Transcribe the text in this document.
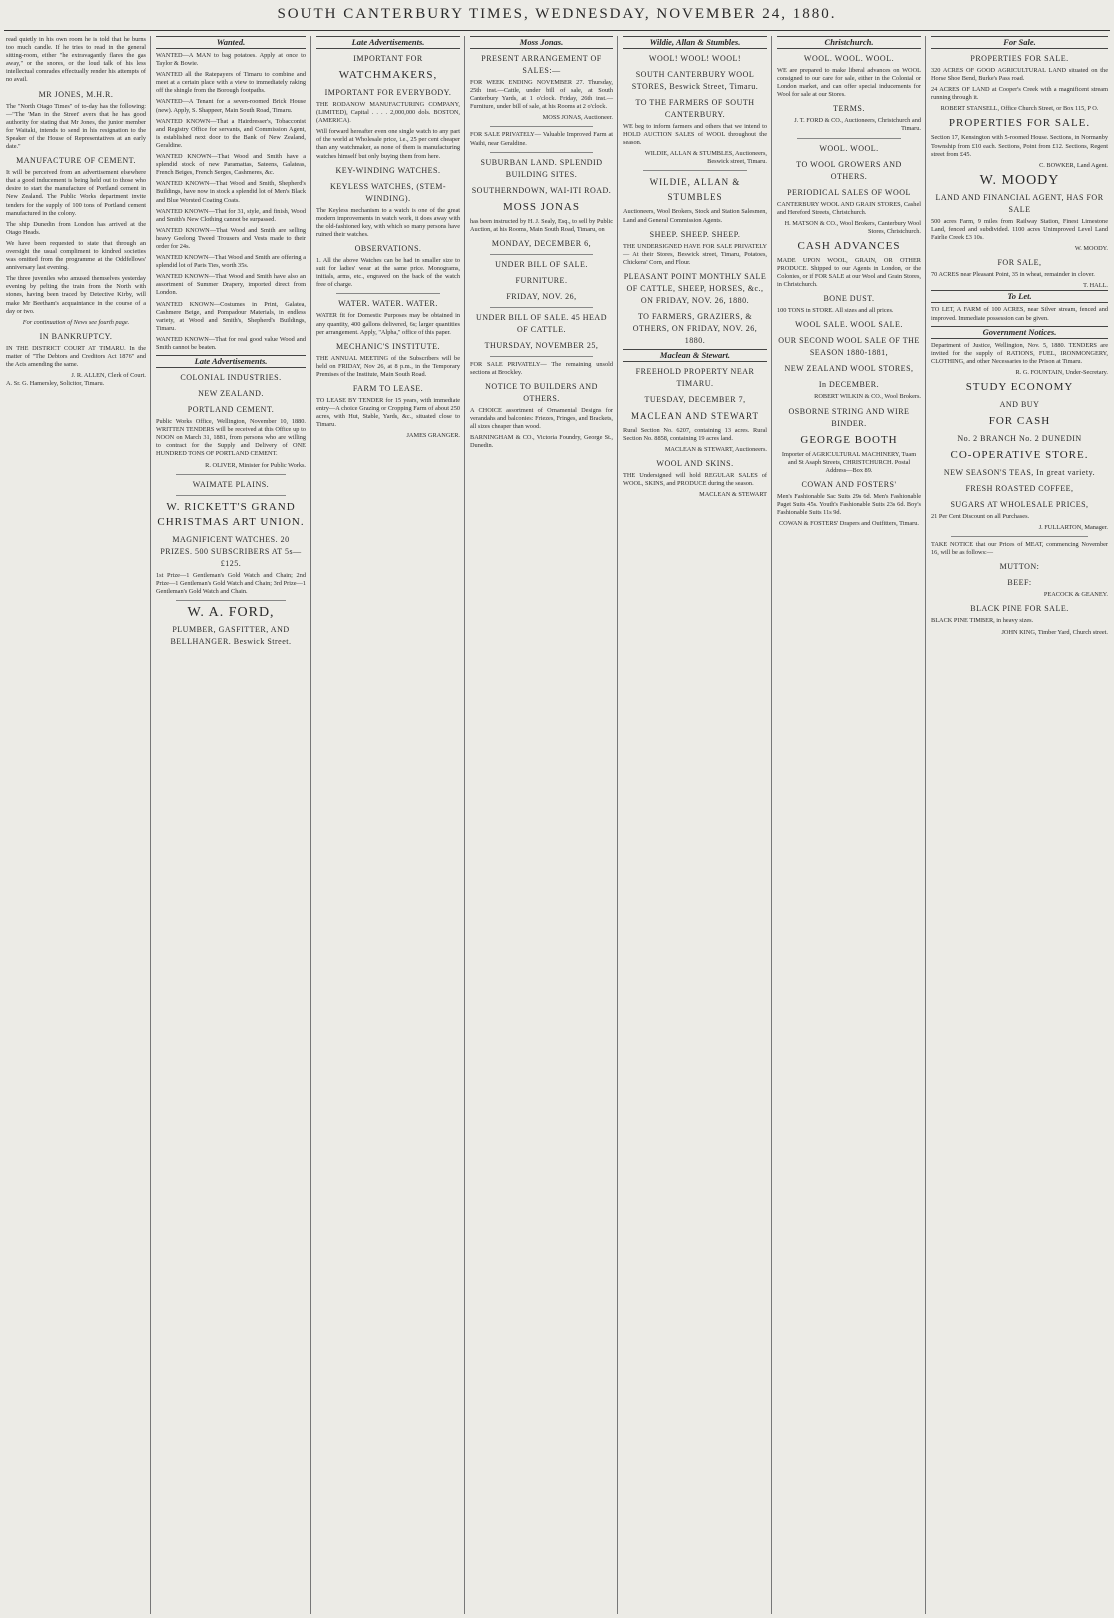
SOUTH CANTERBURY TIMES, WEDNESDAY, NOVEMBER 24, 1880.
read quietly in his own room he is told that he burns too much candle. If he tries to read in the general sitting-room, either "he extravagantly flares the gas away," or the snores, or the loud talk of his less intellectual comrades effectually render his attempts of no avail.
MR JONES, M.H.R.
The "North Otago Times" of to-day has the following:—"The 'Man in the Street' avers that he has good authority for stating that Mr Jones, the junior member for Waitaki, intends to send in his resignation to the Speaker of the House of Representatives at an early date."
MANUFACTURE OF CEMENT.
It will be perceived from an advertisement elsewhere that a good inducement is being held out to those who desire to start the manufacture of Portland cement in New Zealand. The Public Works department invite tenders for the supply of 100 tons of Portland cement manufactured in the colony.
The ship Dunedin from London has arrived at the Otago Heads.
We have been requested to state that through an oversight the usual compliment to kindred societies was omitted from the programme at the Oddfellows' anniversary last evening.
The three juveniles who amused themselves yesterday evening by pelting the train from the North with stones, having been traced by Detective Kirby, will make Mr Beetham's acquaintance in the course of a day or two.
For continuation of News see fourth page.
IN BANKRUPTCY.
IN THE DISTRICT COURT AT TIMARU. In the matter of "The Debtors and Creditors Act 1876" and the Acts amending the same.
J. R. ALLEN, Clerk of Court.
A. Sr. G. Hamersley, Solicitor, Timaru.
Wanted.
WANTED—A MAN to bag potatoes. Apply at once to Taylor & Bowie.
WANTED all the Ratepayers of Timaru to combine and meet at a certain place with a view to immediately raking off the shingle from the Borough footpaths.
WANTED—A Tenant for a seven-roomed Brick House (new). Apply, S. Shappeer, Main South Road, Timaru.
WANTED KNOWN—That a Hairdresser's, Tobacconist and Registry Office for servants, and Commission Agent, is established next door to the Bank of New Zealand, Geraldine.
WANTED KNOWN—That Wood and Smith have a splendid stock of new Paramattas, Sateens, Galateas, French Beiges, French Serges, Cashmeres, &c.
WANTED KNOWN—That Wood and Smith, Shepherd's Buildings, have now in stock a splendid lot of Men's Black and Blue Worsted Coating Coats.
WANTED KNOWN—That for 31, style, and finish, Wood and Smith's New Clothing cannot be surpassed.
WANTED KNOWN—That Wood and Smith are selling heavy Geelong Tweed Trousers and Vests made to their order for 24s.
WANTED KNOWN—That Wood and Smith are offering a splendid lot of Paris Ties, worth 35s.
WANTED KNOWN—That Wood and Smith have also an assortment of Summer Drapery, imported direct from London.
WANTED KNOWN—Costumes in Print, Galatea, Cashmere Beige, and Pompadour Materials, in endless variety, at Wood and Smith's, Shepherd's Buildings, Timaru.
WANTED KNOWN—That for real good value Wood and Smith cannot be beaten.
Late Advertisements.
COLONIAL INDUSTRIES.
NEW ZEALAND.
PORTLAND CEMENT.
Public Works Office, Wellington, November 10, 1880. WRITTEN TENDERS will be received at this Office up to NOON on March 31, 1881, from persons who are willing to contract for the Supply and Delivery of ONE HUNDRED TONS OF PORTLAND CEMENT.
R. OLIVER, Minister for Public Works.
WAIMATE PLAINS.
W. RICKETT'S GRAND CHRISTMAS ART UNION.
MAGNIFICENT WATCHES. 20 PRIZES. 500 SUBSCRIBERS AT 5s—£125.
1st Prize—1 Gentleman's Gold Watch and Chain; 2nd Prize—1 Gentleman's Gold Watch and Chain; 3rd Prize—1 Gentleman's Gold Watch and Chain.
W. A. FORD,
PLUMBER, GASFITTER, AND BELLHANGER. Beswick Street.
Late Advertisements.
IMPORTANT FOR
WATCHMAKERS,
IMPORTANT FOR EVERYBODY.
THE RODANOW MANUFACTURING COMPANY, (LIMITED), Capital . . . . 2,000,000 dols. BOSTON, (AMERICA).
Will forward hereafter even one single watch to any part of the world at Wholesale price, i.e., 25 per cent cheaper than any watchmaker, as none of them is manufacturing watches himself but only buying them from here.
KEY-WINDING WATCHES.
KEYLESS WATCHES, (STEM-WINDING).
The Keyless mechanism to a watch is one of the great modern improvements in watch work, it does away with the old-fashioned key, with which so many persons have ruined their watches.
OBSERVATIONS.
1. All the above Watches can be had in smaller size to suit for ladies' wear at the same price. Monograms, initials, arms, etc., engraved on the back of the watch free of charge.
WATER. WATER. WATER.
WATER fit for Domestic Purposes may be obtained in any quantity, 400 gallons delivered, 6s; larger quantities per arrangement. Apply, "Alpha," office of this paper.
MECHANIC'S INSTITUTE.
THE ANNUAL MEETING of the Subscribers will be held on FRIDAY, Nov 26, at 8 p.m., in the Temporary Premises of the Institute, Main South Road.
FARM TO LEASE.
TO LEASE BY TENDER for 15 years, with immediate entry—A choice Grazing or Cropping Farm of about 250 acres, with Hut, Stable, Yards, &c., situated close to Timaru.
JAMES GRANGER.
Moss Jonas.
PRESENT ARRANGEMENT OF SALES:—
FOR WEEK ENDING NOVEMBER 27. Thursday, 25th inst.—Cattle, under bill of sale, at South Canterbury Yards, at 1 o'clock. Friday, 26th inst.—Furniture, under bill of sale, at his Rooms at 2 o'clock.
MOSS JONAS, Auctioneer.
FOR SALE PRIVATELY— Valuable Improved Farm at Waihi, near Geraldine.
SUBURBAN LAND. SPLENDID BUILDING SITES.
SOUTHERNDOWN, WAI-ITI ROAD.
MOSS JONAS
has been instructed by H. J. Sealy, Esq., to sell by Public Auction, at his Rooms, Main South Road, Timaru, on
MONDAY, DECEMBER 6,
UNDER BILL OF SALE.
FURNITURE.
FRIDAY, NOV. 26,
UNDER BILL OF SALE. 45 HEAD OF CATTLE.
THURSDAY, NOVEMBER 25,
FOR SALE PRIVATELY— The remaining unsold sections at Brockley.
NOTICE TO BUILDERS AND OTHERS.
A CHOICE assortment of Ornamental Designs for verandahs and balconies: Friezes, Fringes, and Brackets, all sizes cheaper than wood.
BARNINGHAM & CO., Victoria Foundry, George St., Dunedin.
Wildie, Allan & Stumbles.
WOOL! WOOL! WOOL!
SOUTH CANTERBURY WOOL STORES, Beswick Street, Timaru.
TO THE FARMERS OF SOUTH CANTERBURY.
WE beg to inform farmers and others that we intend to HOLD AUCTION SALES of WOOL throughout the season.
WILDIE, ALLAN & STUMBLES, Auctioneers, Beswick street, Timaru.
WILDIE, ALLAN & STUMBLES
Auctioneers, Wool Brokers, Stock and Station Salesmen, Land and General Commission Agents.
SHEEP. SHEEP. SHEEP.
THE UNDERSIGNED HAVE FOR SALE PRIVATELY— At their Stores, Beswick street, Timaru, Potatoes, Chickens' Corn, and Flour.
PLEASANT POINT MONTHLY SALE OF CATTLE, SHEEP, HORSES, &c., ON FRIDAY, NOV. 26, 1880.
TO FARMERS, GRAZIERS, & OTHERS, ON FRIDAY, NOV. 26, 1880.
Maclean & Stewart.
FREEHOLD PROPERTY NEAR TIMARU.
TUESDAY, DECEMBER 7,
MACLEAN AND STEWART
Rural Section No. 6207, containing 13 acres. Rural Section No. 8858, containing 19 acres land.
MACLEAN & STEWART, Auctioneers.
WOOL AND SKINS.
THE Undersigned will hold REGULAR SALES of WOOL, SKINS, and PRODUCE during the season.
MACLEAN & STEWART
Christchurch.
WOOL. WOOL. WOOL.
WE are prepared to make liberal advances on WOOL consigned to our care for sale, either in the Colonial or London market, and can offer special inducements for Wool for sale at our Stores.
TERMS.
J. T. FORD & CO., Auctioneers, Christchurch and Timaru.
WOOL. WOOL.
TO WOOL GROWERS AND OTHERS.
PERIODICAL SALES OF WOOL
CANTERBURY WOOL AND GRAIN STORES, Cashel and Hereford Streets, Christchurch.
H. MATSON & CO., Wool Brokers, Canterbury Wool Stores, Christchurch.
CASH ADVANCES
MADE UPON WOOL, GRAIN, OR OTHER PRODUCE. Shipped to our Agents in London, or the Colonies, or if FOR SALE at our Wool and Grain Stores, in Christchurch.
BONE DUST.
100 TONS in STORE. All sizes and all prices.
WOOL SALE. WOOL SALE.
OUR SECOND WOOL SALE OF THE SEASON 1880-1881,
NEW ZEALAND WOOL STORES,
In DECEMBER.
ROBERT WILKIN & CO., Wool Brokers.
OSBORNE STRING AND WIRE BINDER.
GEORGE BOOTH
Importer of AGRICULTURAL MACHINERY, Tuam and St Asaph Streets, CHRISTCHURCH. Postal Address—Box 89.
COWAN AND FOSTERS'
Men's Fashionable Sac Suits 29s 6d. Men's Fashionable Paget Suits 45s. Youth's Fashionable Suits 23s 6d. Boy's Fashionable Suits 11s 9d.
COWAN & FOSTERS' Drapers and Outfitters, Timaru.
For Sale.
PROPERTIES FOR SALE.
320 ACRES OF GOOD AGRICULTURAL LAND situated on the Horse Shoe Bend, Burke's Pass road.
24 ACRES OF LAND at Cooper's Creek with a magnificent stream running through it.
ROBERT STANSELL, Office Church Street, or Box 115, P O.
PROPERTIES FOR SALE.
Section 17, Kensington with 5-roomed House. Sections, in Normanby Township from £10 each. Sections, Point from £12. Sections, Regent street from £45.
C. BOWKER, Land Agent.
W. MOODY
LAND AND FINANCIAL AGENT, HAS FOR SALE
500 acres Farm, 9 miles from Railway Station, Finest Limestone Land, fenced and subdivided. 1100 acres Unimproved Level Land Fairlie Creek £3 10s.
W. MOODY.
FOR SALE,
70 ACRES near Pleasant Point, 35 in wheat, remainder in clover.
T. HALL.
To Let.
TO LET, A FARM of 100 ACRES, near Silver stream, fenced and improved. Immediate possession can be given.
Government Notices.
Department of Justice, Wellington, Nov. 5, 1880. TENDERS are invited for the supply of RATIONS, FUEL, IRONMONGERY, CLOTHING, and other Necessaries to the Prison at Timaru.
R. G. FOUNTAIN, Under-Secretary.
STUDY ECONOMY
AND BUY
FOR CASH
No. 2 BRANCH No. 2 DUNEDIN
CO-OPERATIVE STORE.
NEW SEASON'S TEAS, In great variety.
FRESH ROASTED COFFEE,
SUGARS AT WHOLESALE PRICES,
21 Per Cent Discount on all Purchases.
J. FULLARTON, Manager.
TAKE NOTICE that our Prices of MEAT, commencing November 16, will be as follows:—
MUTTON:
BEEF:
PEACOCK & GEANEY.
BLACK PINE FOR SALE.
BLACK PINE TIMBER, in heavy sizes.
JOHN KING, Timber Yard, Church street.
